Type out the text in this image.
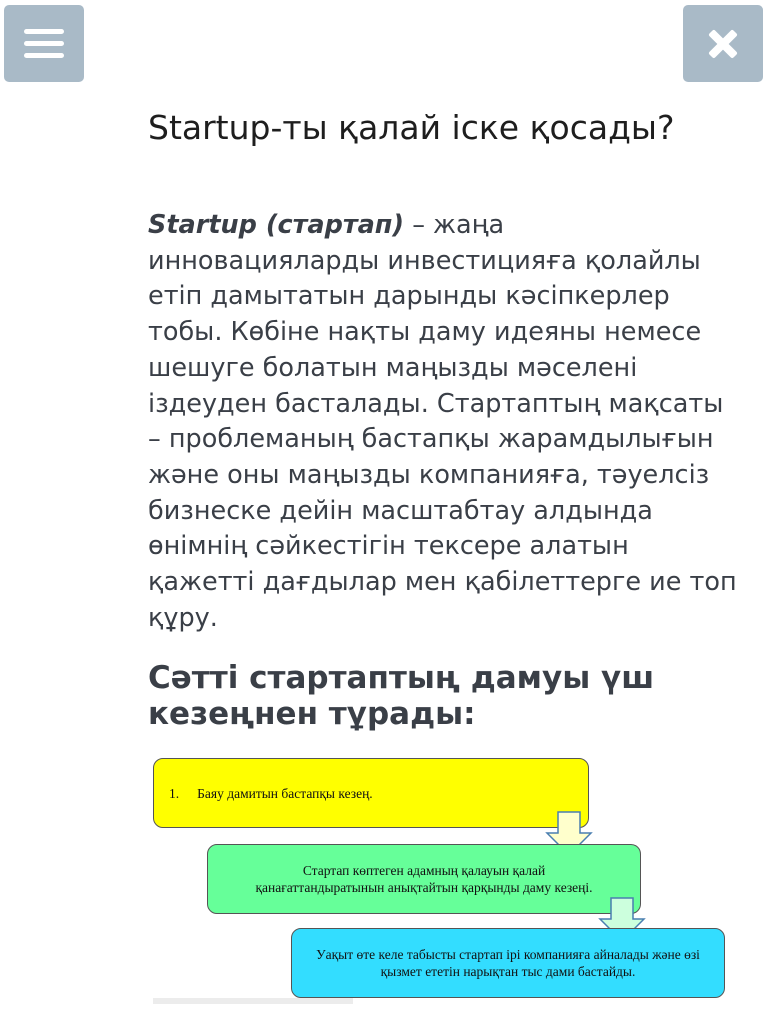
Startup-ты қалай іске қосады?

Startup (стартап) – жаңа инновацияларды инвестицияға қолайлы етіп дамытатын дарынды кәсіпкерлер тобы. Көбіне нақты даму идеяны немесе шешуге болатын маңызды мәселені іздеуден басталады. Стартаптың мақсаты – проблеманың бастапқы жарамдылығын және оны маңызды компанияға, тәуелсіз бизнеске дейін масштабтау алдында өнімнің сәйкестігін тексере алатын қажетті дағдылар мен қабілеттерге ие топ құру.

Сәтті стартаптың дамуы үш кезеңнен тұрады:
1. Баяу дамитын бастапқы кезең.
Стартап көптеген адамның қалауын қалай қанағаттандыратынын анықтайтын қарқынды даму кезеңі.
Уақыт өте келе табысты стартап ірі компанияға айналады және өзі қызмет ететін нарықтан тыс дами бастайды.
